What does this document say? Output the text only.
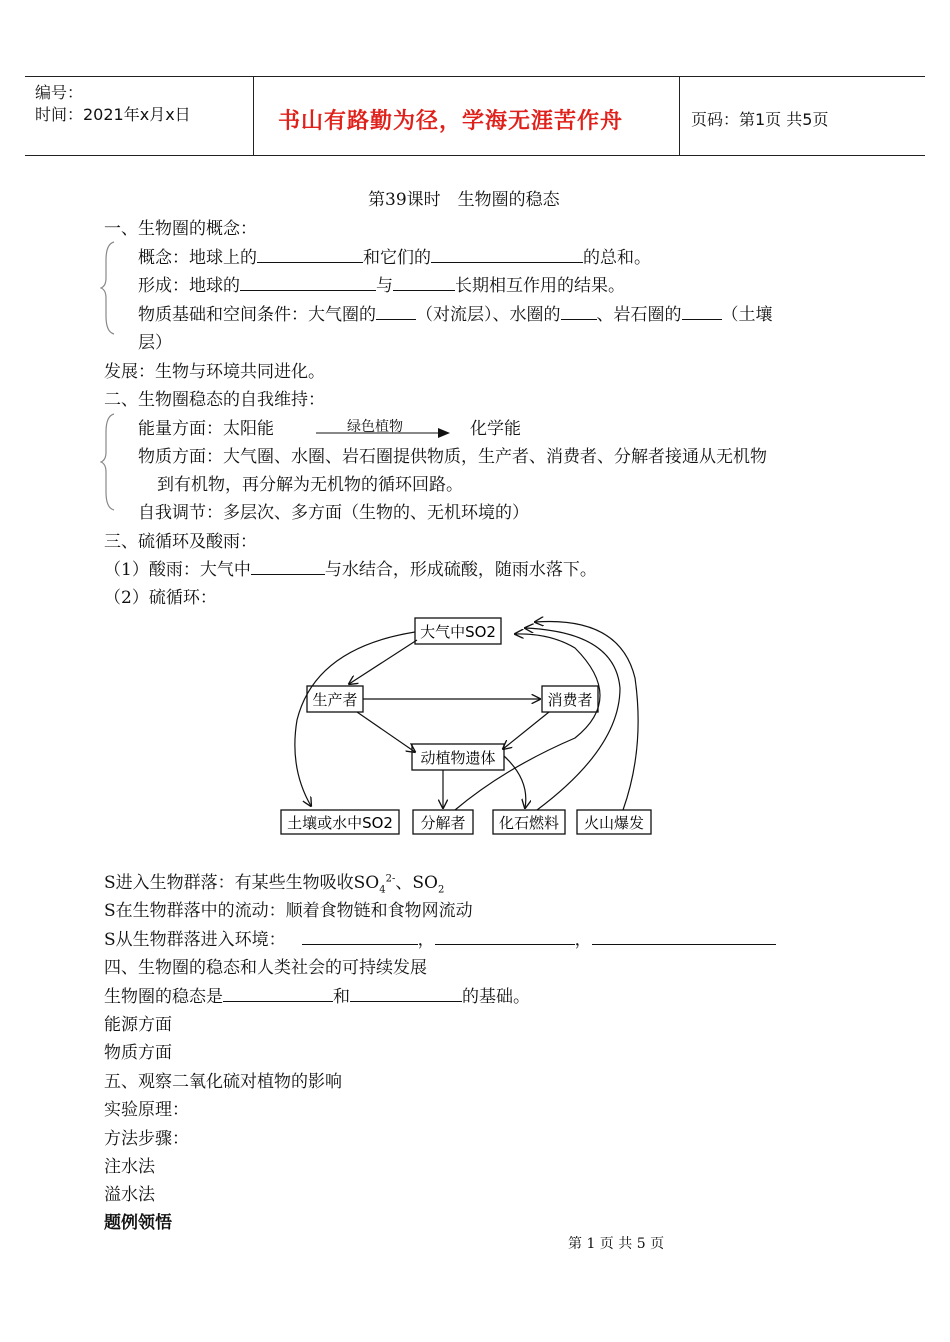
编号：
时间：2021年x月x日	书山有路勤为径，学海无涯苦作舟	页码：第1页 共5页
第39课时　生物圈的稳态
一、生物圈的概念：
概念：地球上的	和它们的	的总和。
形成：地球的	与	长期相互作用的结果。
物质基础和空间条件：大气圈的 （对流层）、水圈的 、岩石圈的 （土壤
层）
发展：生物与环境共同进化。
二、生物圈稳态的自我维持：
能量方面：太阳能	绿色植物	化学能
物质方面：大气圈、水圈、岩石圈提供物质，生产者、消费者、分解者接通从无机物
到有机物，再分解为无机物的循环回路。
自我调节：多层次、多方面（生物的、无机环境的）
三、硫循环及酸雨：
（1）酸雨：大气中	与水结合，形成硫酸，随雨水落下。
（2）硫循环：
大气中SO2
生产者	消费者
动植物遗体
土壤或水中SO2 分解者 化石燃料 火山爆发
S进入生物群落：有某些生物吸收$SO_4^{2-}$、$SO_2$
S在生物群落中的流动：顺着食物链和食物网流动
S从生物群落进入环境：	，	，
四、生物圈的稳态和人类社会的可持续发展
生物圈的稳态是	和	的基础。
能源方面
物质方面
五、观察二氧化硫对植物的影响
实验原理：
方法步骤：
注水法
溢水法
题例领悟
第 1 页 共 5 页
